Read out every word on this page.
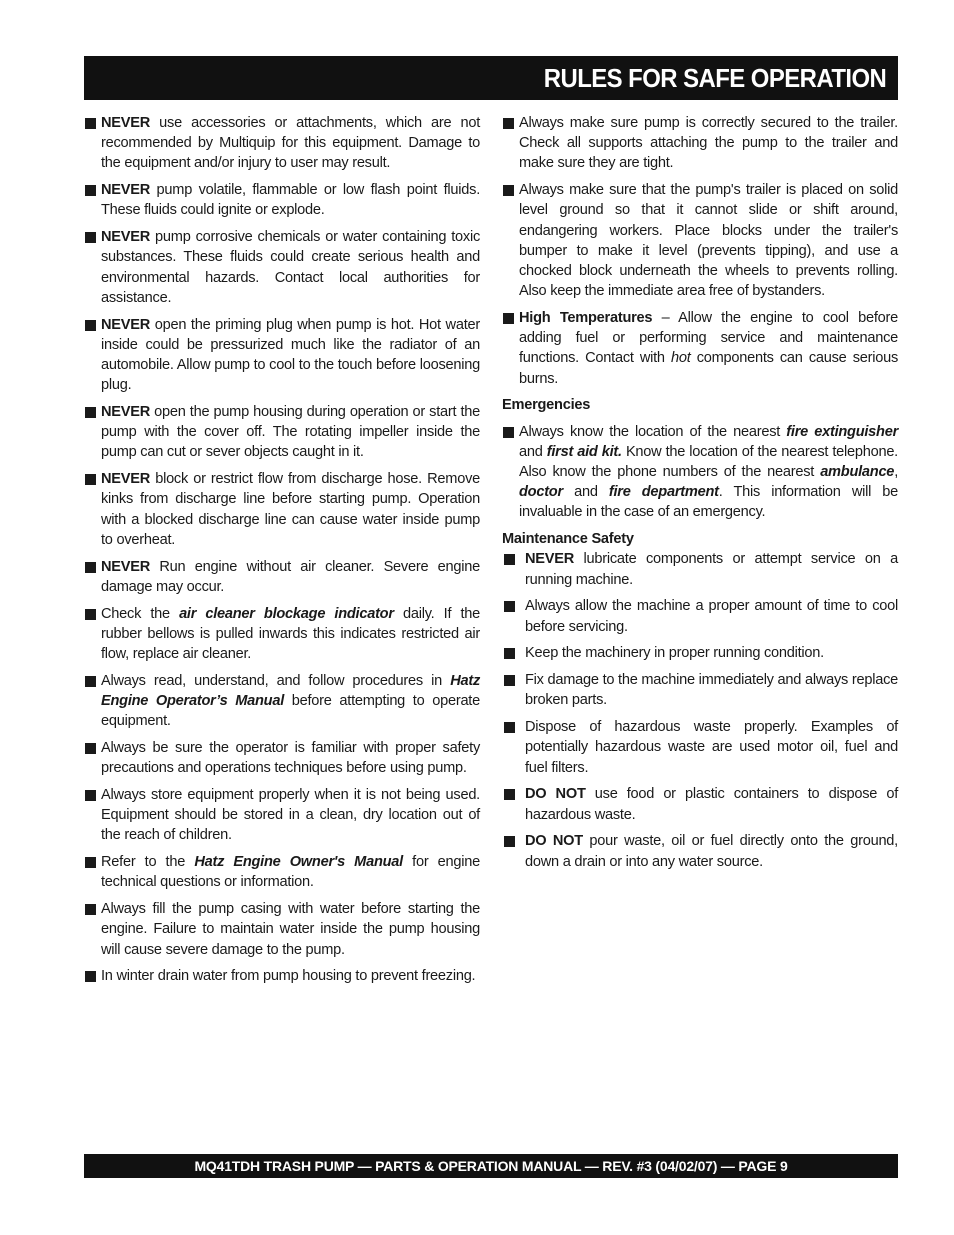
RULES FOR SAFE OPERATION
NEVER use accessories or attachments, which are not recommended by Multiquip for this equipment. Damage to the equipment and/or injury to user may result.
NEVER pump volatile, flammable or low flash point fluids. These fluids could ignite or explode.
NEVER pump corrosive chemicals or water containing toxic substances. These fluids could create serious health and environmental hazards. Contact local authorities for assistance.
NEVER open the priming plug when pump is hot. Hot water inside could be pressurized much like the radiator of an automobile. Allow pump to cool to the touch before loosening plug.
NEVER open the pump housing during operation or start the pump with the cover off. The rotating impeller inside the pump can cut or sever objects caught in it.
NEVER block or restrict flow from discharge hose. Remove kinks from discharge line before starting pump. Operation with a blocked discharge line can cause water inside pump to overheat.
NEVER Run engine without air cleaner. Severe engine damage may occur.
Check the air cleaner blockage indicator daily. If the rubber bellows is pulled inwards this indicates restricted air flow, replace air cleaner.
Always read, understand, and follow procedures in Hatz Engine Operator’s Manual before attempting to operate equipment.
Always be sure the operator is familiar with proper safety precautions and operations techniques before using pump.
Always store equipment properly when it is not being used. Equipment should be stored in a clean, dry location out of the reach of children.
Refer to the Hatz Engine Owner's Manual for engine technical questions or information.
Always fill the pump casing with water before starting the engine. Failure to maintain water inside the pump housing will cause severe damage to the pump.
In winter drain water from pump housing to prevent freezing.
Always make sure pump is correctly secured to the trailer. Check all supports attaching the pump to the trailer and make sure they are tight.
Always make sure that the pump's trailer is placed on solid level ground so that it cannot slide or shift around, endangering workers. Place blocks under the trailer's bumper to make it level (prevents tipping), and use a chocked block underneath the wheels to prevents rolling. Also keep the immediate area free of bystanders.
High Temperatures – Allow the engine to cool before adding fuel or performing service and maintenance functions. Contact with hot components can cause serious burns.
Emergencies
Always know the location of the nearest fire extinguisher and first aid kit. Know the location of the nearest telephone. Also know the phone numbers of the nearest ambulance, doctor and fire department. This information will be invaluable in the case of an emergency.
Maintenance Safety
NEVER lubricate components or attempt service on a running machine.
Always allow the machine a proper amount of time to cool before servicing.
Keep the machinery in proper running condition.
Fix damage to the machine immediately and always replace broken parts.
Dispose of hazardous waste properly. Examples of potentially hazardous waste are used motor oil, fuel and fuel filters.
DO NOT use food or plastic containers to dispose of hazardous waste.
DO NOT pour waste, oil or fuel directly onto the ground, down a drain or into any water source.
MQ41TDH TRASH PUMP — PARTS & OPERATION MANUAL — REV. #3 (04/02/07) — PAGE 9
